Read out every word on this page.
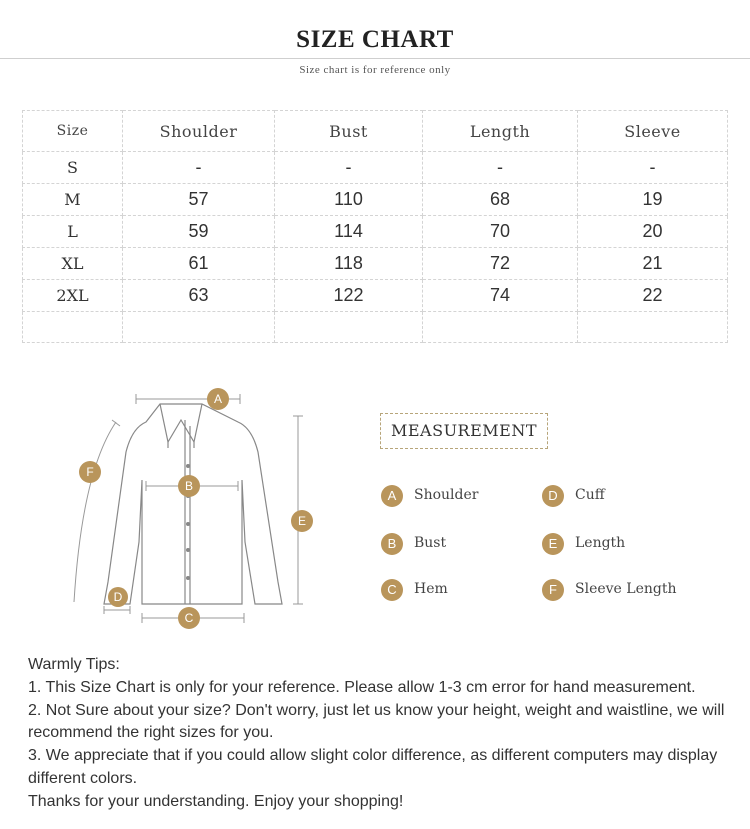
SIZE CHART
Size chart is for reference only
Size	Shoulder	Bust	Length	Sleeve
S	-	-	-	-
M	57	110	68	19
L	59	114	70	20
XL	61	118	72	21
2XL	63	122	74	22

A
B
C
D
E
F
MEASUREMENT
A	Shoulder
B	Bust
C	Hem
D	Cuff
E	Length
F	Sleeve Length

Warmly Tips:

1. This Size Chart is only for your reference. Please allow 1-3 cm error for hand measurement.

2. Not Sure about your size? Don't worry, just let us know your height, weight and waistline, we will recommend the right sizes for you.

3. We appreciate that if you could allow slight color difference, as different computers may display different colors.

Thanks for your understanding. Enjoy your shopping!
